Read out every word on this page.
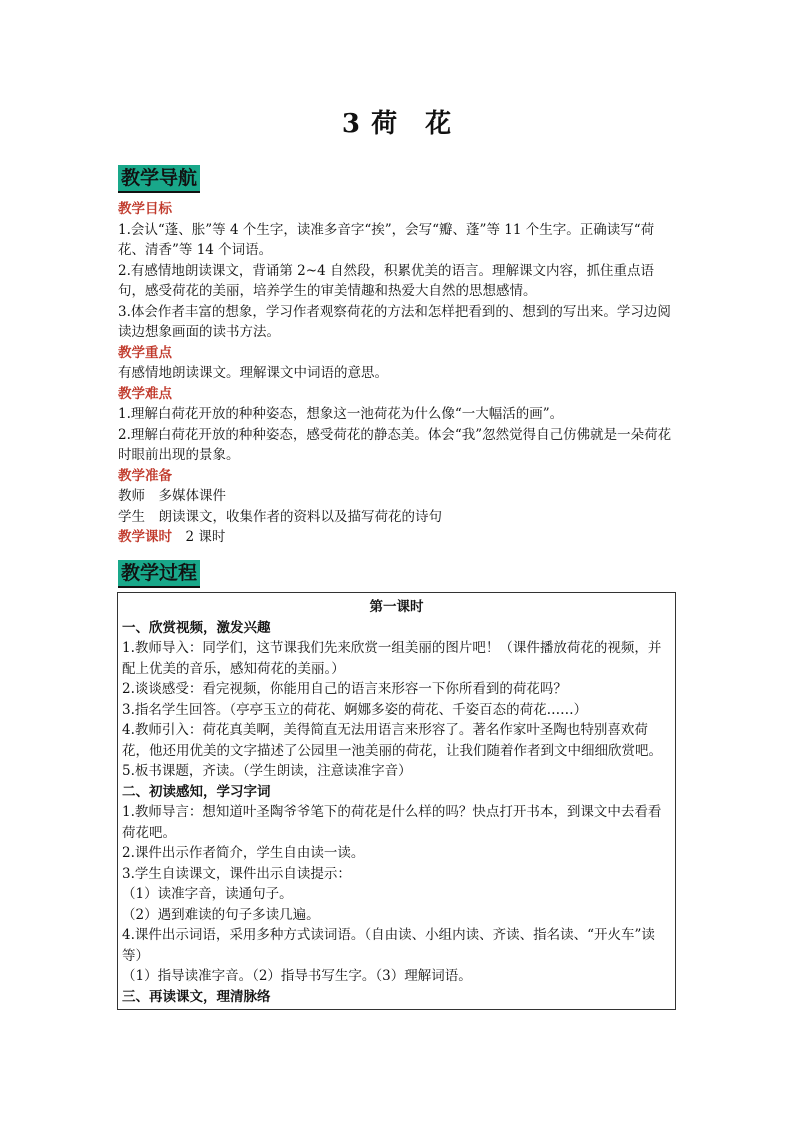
3 荷　花
教学导航

教学目标

1.会认“蓬、胀”等 4 个生字，读准多音字“挨”，会写“瓣、蓬”等 11 个生字。正确读写“荷花、清香”等 14 个词语。

2.有感情地朗读课文，背诵第 2~4 自然段，积累优美的语言。理解课文内容，抓住重点语句，感受荷花的美丽，培养学生的审美情趣和热爱大自然的思想感情。

3.体会作者丰富的想象，学习作者观察荷花的方法和怎样把看到的、想到的写出来。学习边阅读边想象画面的读书方法。

教学重点

有感情地朗读课文。理解课文中词语的意思。

教学难点

1.理解白荷花开放的种种姿态，想象这一池荷花为什么像“一大幅活的画”。

2.理解白荷花开放的种种姿态，感受荷花的静态美。体会“我”忽然觉得自己仿佛就是一朵荷花时眼前出现的景象。

教学准备

教师　多媒体课件

学生　朗读课文，收集作者的资料以及描写荷花的诗句

教学课时　 2 课时

教学过程

第一课时

一、欣赏视频，激发兴趣

1.教师导入：同学们，这节课我们先来欣赏一组美丽的图片吧！（课件播放荷花的视频，并配上优美的音乐，感知荷花的美丽。）

2.谈谈感受：看完视频，你能用自己的语言来形容一下你所看到的荷花吗？

3.指名学生回答。（亭亭玉立的荷花、婀娜多姿的荷花、千姿百态的荷花……）

4.教师引入：荷花真美啊，美得简直无法用语言来形容了。著名作家叶圣陶也特别喜欢荷花，他还用优美的文字描述了公园里一池美丽的荷花，让我们随着作者到文中细细欣赏吧。

5.板书课题，齐读。（学生朗读，注意读准字音）

二、初读感知，学习字词

1.教师导言：想知道叶圣陶爷爷笔下的荷花是什么样的吗？快点打开书本，到课文中去看看荷花吧。

2.课件出示作者简介，学生自由读一读。

3.学生自读课文，课件出示自读提示：

（1）读准字音，读通句子。

（2）遇到难读的句子多读几遍。

4.课件出示词语，采用多种方式读词语。（自由读、小组内读、齐读、指名读、“开火车”读等）

（1）指导读准字音。（2）指导书写生字。（3）理解词语。

三、再读课文，理清脉络
